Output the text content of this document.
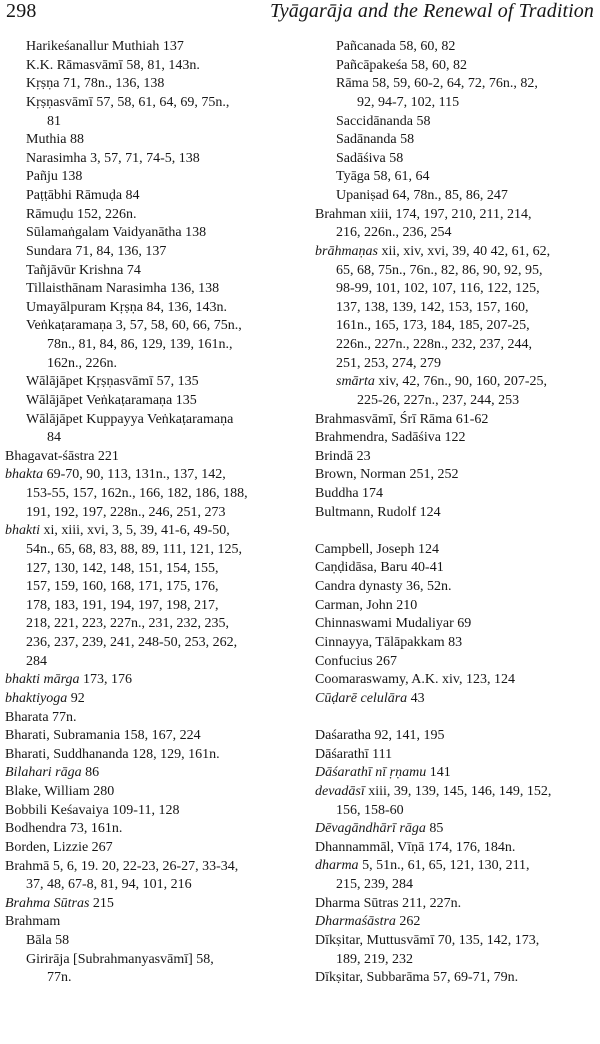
298	Tyāgarāja and the Renewal of Tradition
Harikeśanallur Muthiah 137
K.K. Rāmasvāmī 58, 81, 143n.
Kṛṣṇa 71, 78n., 136, 138
Kṛṣṇasvāmī 57, 58, 61, 64, 69, 75n.,
81
Muthia 88
Narasimha 3, 57, 71, 74-5, 138
Pañju 138
Paṭṭābhi Rāmuḍa 84
Rāmuḍu 152, 226n.
Sūlamaṅgalam Vaidyanātha 138
Sundara 71, 84, 136, 137
Tañjāvūr Krishna 74
Tillaisthānam Narasimha 136, 138
Umayālpuram Kṛṣṇa 84, 136, 143n.
Veṅkaṭaramaṇa 3, 57, 58, 60, 66, 75n.,
78n., 81, 84, 86, 129, 139, 161n.,
162n., 226n.
Wālājāpet Kṛṣṇasvāmī 57, 135
Wālājāpet Veṅkaṭaramaṇa 135
Wālājāpet Kuppayya Veṅkaṭaramaṇa
84
Bhagavat-śāstra 221
bhakta 69-70, 90, 113, 131n., 137, 142,
153-55, 157, 162n., 166, 182, 186, 188,
191, 192, 197, 228n., 246, 251, 273
bhakti xi, xiii, xvi, 3, 5, 39, 41-6, 49-50,
54n., 65, 68, 83, 88, 89, 111, 121, 125,
127, 130, 142, 148, 151, 154, 155,
157, 159, 160, 168, 171, 175, 176,
178, 183, 191, 194, 197, 198, 217,
218, 221, 223, 227n., 231, 232, 235,
236, 237, 239, 241, 248-50, 253, 262,
284
bhakti mārga 173, 176
bhaktiyoga 92
Bharata 77n.
Bharati, Subramania 158, 167, 224
Bharati, Suddhananda 128, 129, 161n.
Bilahari rāga 86
Blake, William 280
Bobbili Keśavaiya 109-11, 128
Bodhendra 73, 161n.
Borden, Lizzie 267
Brahmā 5, 6, 19. 20, 22-23, 26-27, 33-34,
37, 48, 67-8, 81, 94, 101, 216
Brahma Sūtras 215
Brahmam
Bāla 58
Girirāja [Subrahmanyasvāmī] 58,
77n.
Pañcanada 58, 60, 82
Pañcāpakeśa 58, 60, 82
Rāma 58, 59, 60-2, 64, 72, 76n., 82,
92, 94-7, 102, 115
Saccidānanda 58
Sadānanda 58
Sadāśiva 58
Tyāga 58, 61, 64
Upaniṣad 64, 78n., 85, 86, 247
Brahman xiii, 174, 197, 210, 211, 214,
216, 226n., 236, 254
brāhmaṇas xii, xiv, xvi, 39, 40 42, 61, 62,
65, 68, 75n., 76n., 82, 86, 90, 92, 95,
98-99, 101, 102, 107, 116, 122, 125,
137, 138, 139, 142, 153, 157, 160,
161n., 165, 173, 184, 185, 207-25,
226n., 227n., 228n., 232, 237, 244,
251, 253, 274, 279
smārta xiv, 42, 76n., 90, 160, 207-25,
225-26, 227n., 237, 244, 253
Brahmasvāmī, Śrī Rāma 61-62
Brahmendra, Sadāśiva 122
Brindā 23
Brown, Norman 251, 252
Buddha 174
Bultmann, Rudolf 124
Campbell, Joseph 124
Caṇḍidāsa, Baru 40-41
Candra dynasty 36, 52n.
Carman, John 210
Chinnaswami Mudaliyar 69
Cinnayya, Tālāpakkam 83
Confucius 267
Coomaraswamy, A.K. xiv, 123, 124
Cūḍarē celulāra 43
Daśaratha 92, 141, 195
Dāśarathī 111
Dāśarathī nī ṛṇamu 141
devadāsī xiii, 39, 139, 145, 146, 149, 152,
156, 158-60
Dēvagāndhārī rāga 85
Dhannammāl, Vīṇā 174, 176, 184n.
dharma 5, 51n., 61, 65, 121, 130, 211,
215, 239, 284
Dharma Sūtras 211, 227n.
Dharmaśāstra 262
Dīkṣitar, Muttusvāmī 70, 135, 142, 173,
189, 219, 232
Dīkṣitar, Subbarāma 57, 69-71, 79n.
